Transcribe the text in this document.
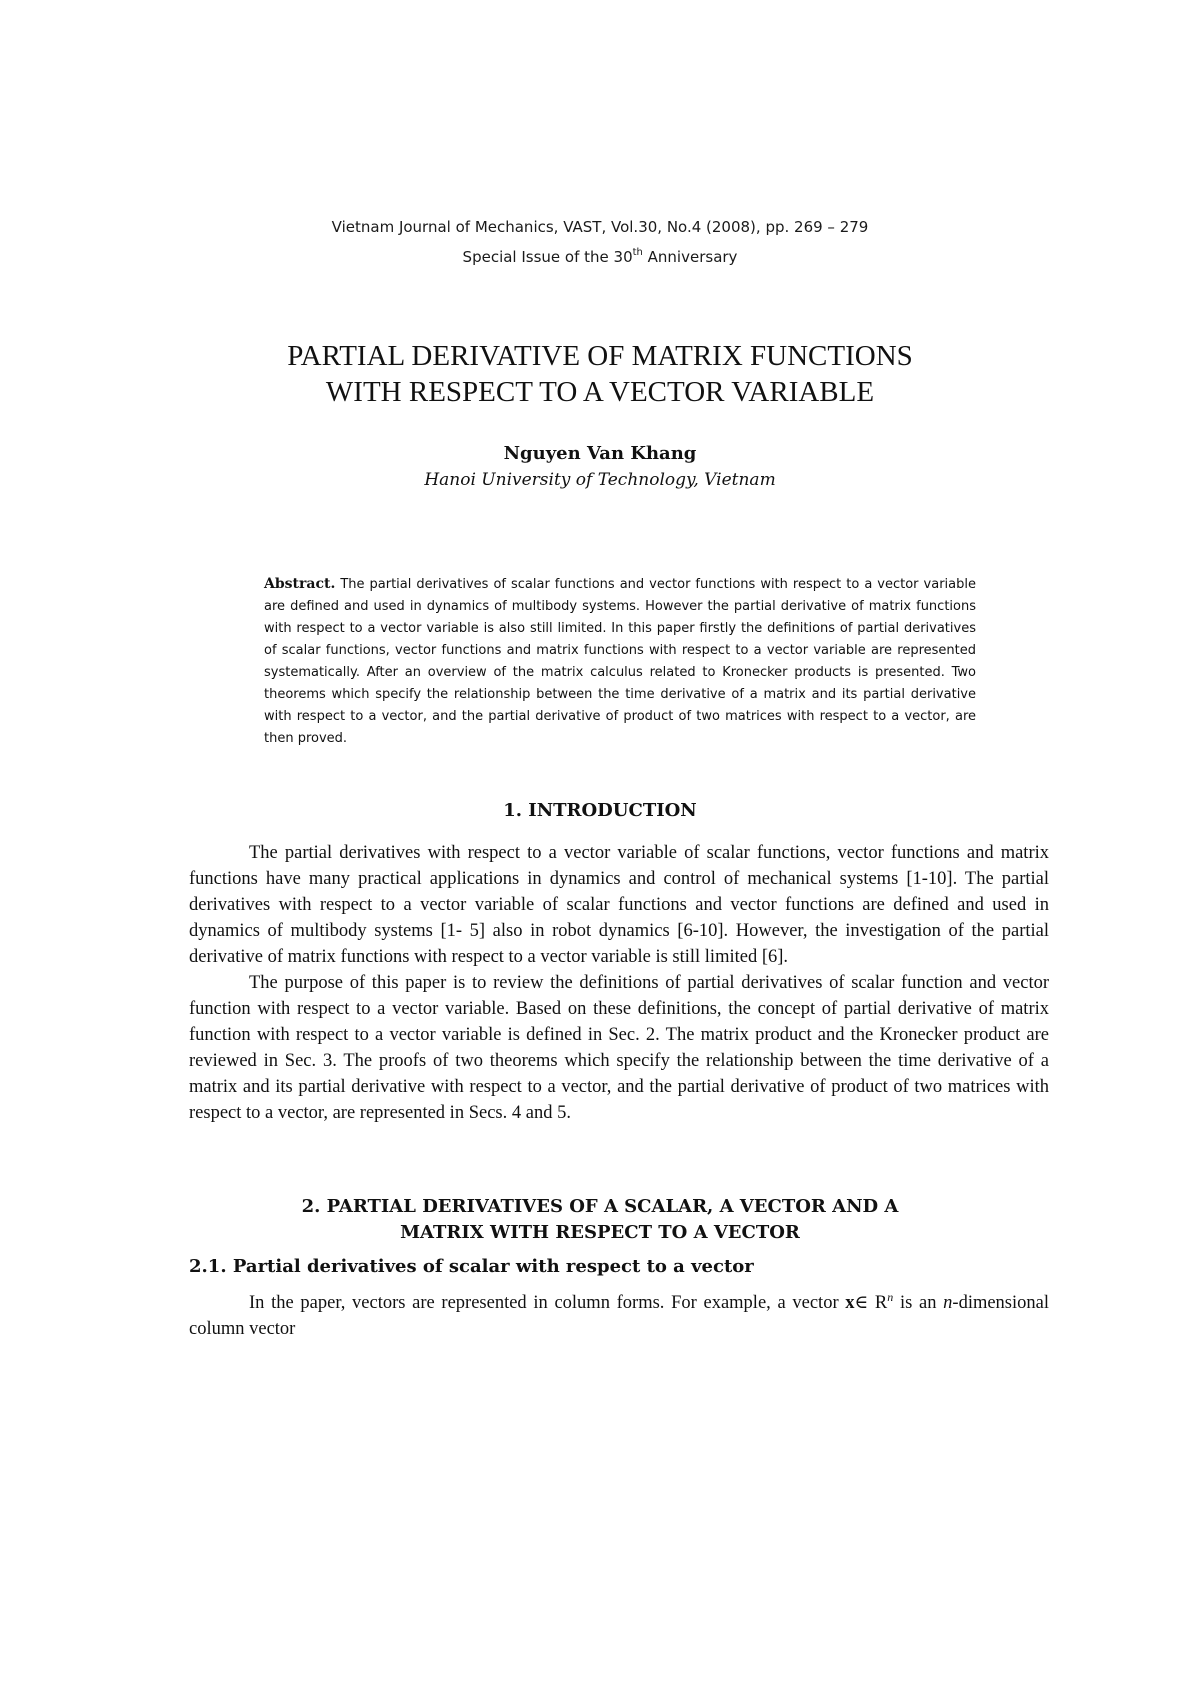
Vietnam Journal of Mechanics, VAST, Vol.30, No.4 (2008), pp. 269 – 279
Special Issue of the 30th Anniversary
PARTIAL DERIVATIVE OF MATRIX FUNCTIONS
WITH RESPECT TO A VECTOR VARIABLE
Nguyen Van Khang
Hanoi University of Technology, Vietnam
Abstract. The partial derivatives of scalar functions and vector functions with respect to a vector variable are defined and used in dynamics of multibody systems. However the partial derivative of matrix functions with respect to a vector variable is also still limited. In this paper firstly the definitions of partial derivatives of scalar functions, vector functions and matrix functions with respect to a vector variable are represented systematically. After an overview of the matrix calculus related to Kronecker products is presented. Two theorems which specify the relationship between the time derivative of a matrix and its partial derivative with respect to a vector, and the partial derivative of product of two matrices with respect to a vector, are then proved.
1. INTRODUCTION

The partial derivatives with respect to a vector variable of scalar functions, vector functions and matrix functions have many practical applications in dynamics and control of mechanical systems [1-10]. The partial derivatives with respect to a vector variable of scalar functions and vector functions are defined and used in dynamics of multibody systems [1- 5] also in robot dynamics [6-10]. However, the investigation of the partial derivative of matrix functions with respect to a vector variable is still limited [6].

The purpose of this paper is to review the definitions of partial derivatives of scalar function and vector function with respect to a vector variable. Based on these definitions, the concept of partial derivative of matrix function with respect to a vector variable is defined in Sec. 2. The matrix product and the Kronecker product are reviewed in Sec. 3. The proofs of two theorems which specify the relationship between the time derivative of a matrix and its partial derivative with respect to a vector, and the partial derivative of product of two matrices with respect to a vector, are represented in Secs. 4 and 5.

2. PARTIAL DERIVATIVES OF A SCALAR, A VECTOR AND A
MATRIX WITH RESPECT TO A VECTOR
2.1. Partial derivatives of scalar with respect to a vector

In the paper, vectors are represented in column forms. For example, a vector x∈ $R^n$ is an n-dimensional column vector
